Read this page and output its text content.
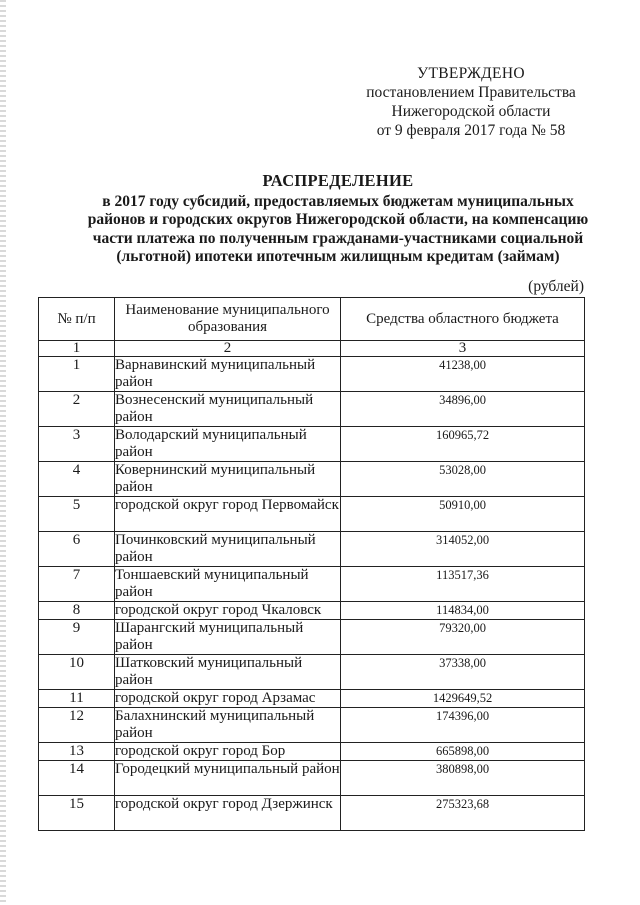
УТВЕРЖДЕНО
постановлением Правительства
Нижегородской области
от 9 февраля 2017 года № 58
РАСПРЕДЕЛЕНИЕ
в 2017 году субсидий, предоставляемых бюджетам муниципальных
районов и городских округов Нижегородской области, на компенсацию
части платежа по полученным гражданами-участниками социальной
(льготной) ипотеки ипотечным жилищным кредитам (займам)
(рублей)
№ п/п	Наименование муниципального образования	Средства областного бюджета
1	2	3
1	Варнавинский муниципальный район	41238,00
2	Вознесенский муниципальный район	34896,00
3	Володарский муниципальный район	160965,72
4	Ковернинский муниципальный район	53028,00
5	городской округ город Первомайск	50910,00
6	Починковский муниципальный район	314052,00
7	Тоншаевский муниципальный район	113517,36
8	городской округ город Чкаловск	114834,00
9	Шарангский муниципальный район	79320,00
10	Шатковский муниципальный район	37338,00
11	городской округ город Арзамас	1429649,52
12	Балахнинский муниципальный район	174396,00
13	городской округ город Бор	665898,00
14	Городецкий муниципальный район	380898,00
15	городской округ город Дзержинск	275323,68
